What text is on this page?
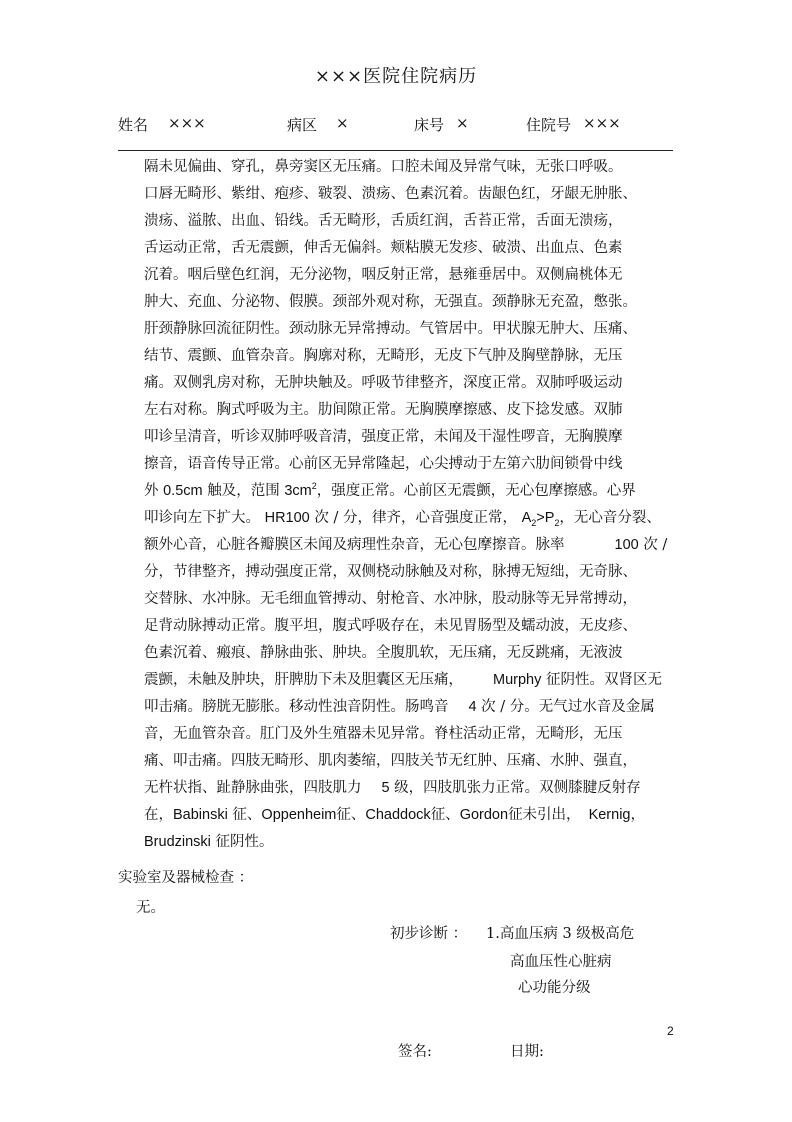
×××医院住院病历
姓名 ×××	病区 ×	床号 ×	住院号 ×××
隔未见偏曲、穿孔，鼻旁窦区无压痛。口腔未闻及异常气味，无张口呼吸。
口唇无畸形、紫绀、疱疹、皲裂、溃疡、色素沉着。齿龈色红，牙龈无肿胀、
溃疡、溢脓、出血、铅线。舌无畸形，舌质红润，舌苔正常，舌面无溃疡，
舌运动正常，舌无震颤，伸舌无偏斜。颊粘膜无发疹、破溃、出血点、色素
沉着。咽后壁色红润，无分泌物，咽反射正常，悬雍垂居中。双侧扁桃体无
肿大、充血、分泌物、假膜。颈部外观对称，无强直。颈静脉无充盈，憋张。
肝颈静脉回流征阴性。颈动脉无异常搏动。气管居中。甲状腺无肿大、压痛、
结节、震颤、血管杂音。胸廓对称，无畸形，无皮下气肿及胸壁静脉，无压
痛。双侧乳房对称，无肿块触及。呼吸节律整齐，深度正常。双肺呼吸运动
左右对称。胸式呼吸为主。肋间隙正常。无胸膜摩擦感、皮下捻发感。双肺
叩诊呈清音，听诊双肺呼吸音清，强度正常，未闻及干湿性啰音，无胸膜摩
擦音，语音传导正常。心前区无异常隆起，心尖搏动于左第六肋间锁骨中线
外 0.5cm 触及，范围 $3cm^2$，强度正常。心前区无震颤，无心包摩擦感。心界
叩诊向左下扩大。 HR100 次 / 分，律齐，心音强度正常， $A_2>P_2$，无心音分裂、
额外心音，心脏各瓣膜区未闻及病理性杂音，无心包摩擦音。脉率	100 次 /
分，节律整齐，搏动强度正常，双侧桡动脉触及对称，脉搏无短绌，无奇脉、
交替脉、水冲脉。无毛细血管搏动、射枪音、水冲脉，股动脉等无异常搏动，
足背动脉搏动正常。腹平坦，腹式呼吸存在，未见胃肠型及蠕动波，无皮疹、
色素沉着、瘢痕、静脉曲张、肿块。全腹肌软，无压痛，无反跳痛，无液波
震颤，未触及肿块，肝脾肋下未及胆囊区无压痛， Murphy 征阴性。双肾区无
叩击痛。膀胱无膨胀。移动性浊音阴性。肠鸣音 4 次 / 分。无气过水音及金属
音，无血管杂音。肛门及外生殖器未见异常。脊柱活动正常，无畸形，无压
痛、叩击痛。四肢无畸形、肌肉萎缩，四肢关节无红肿、压痛、水肿、强直，
无杵状指、趾静脉曲张，四肢肌力 5 级，四肢肌张力正常。双侧膝腱反射存
在，Babinski 征、Oppenheim征、Chaddock征、Gordon征未引出， Kernig，
Brudzinski 征阴性。
实验室及器械检查 ：
无。
初步诊断 ： 1.高血压病 3 级极高危
高血压性心脏病
心功能分级
2
签名:	日期:
